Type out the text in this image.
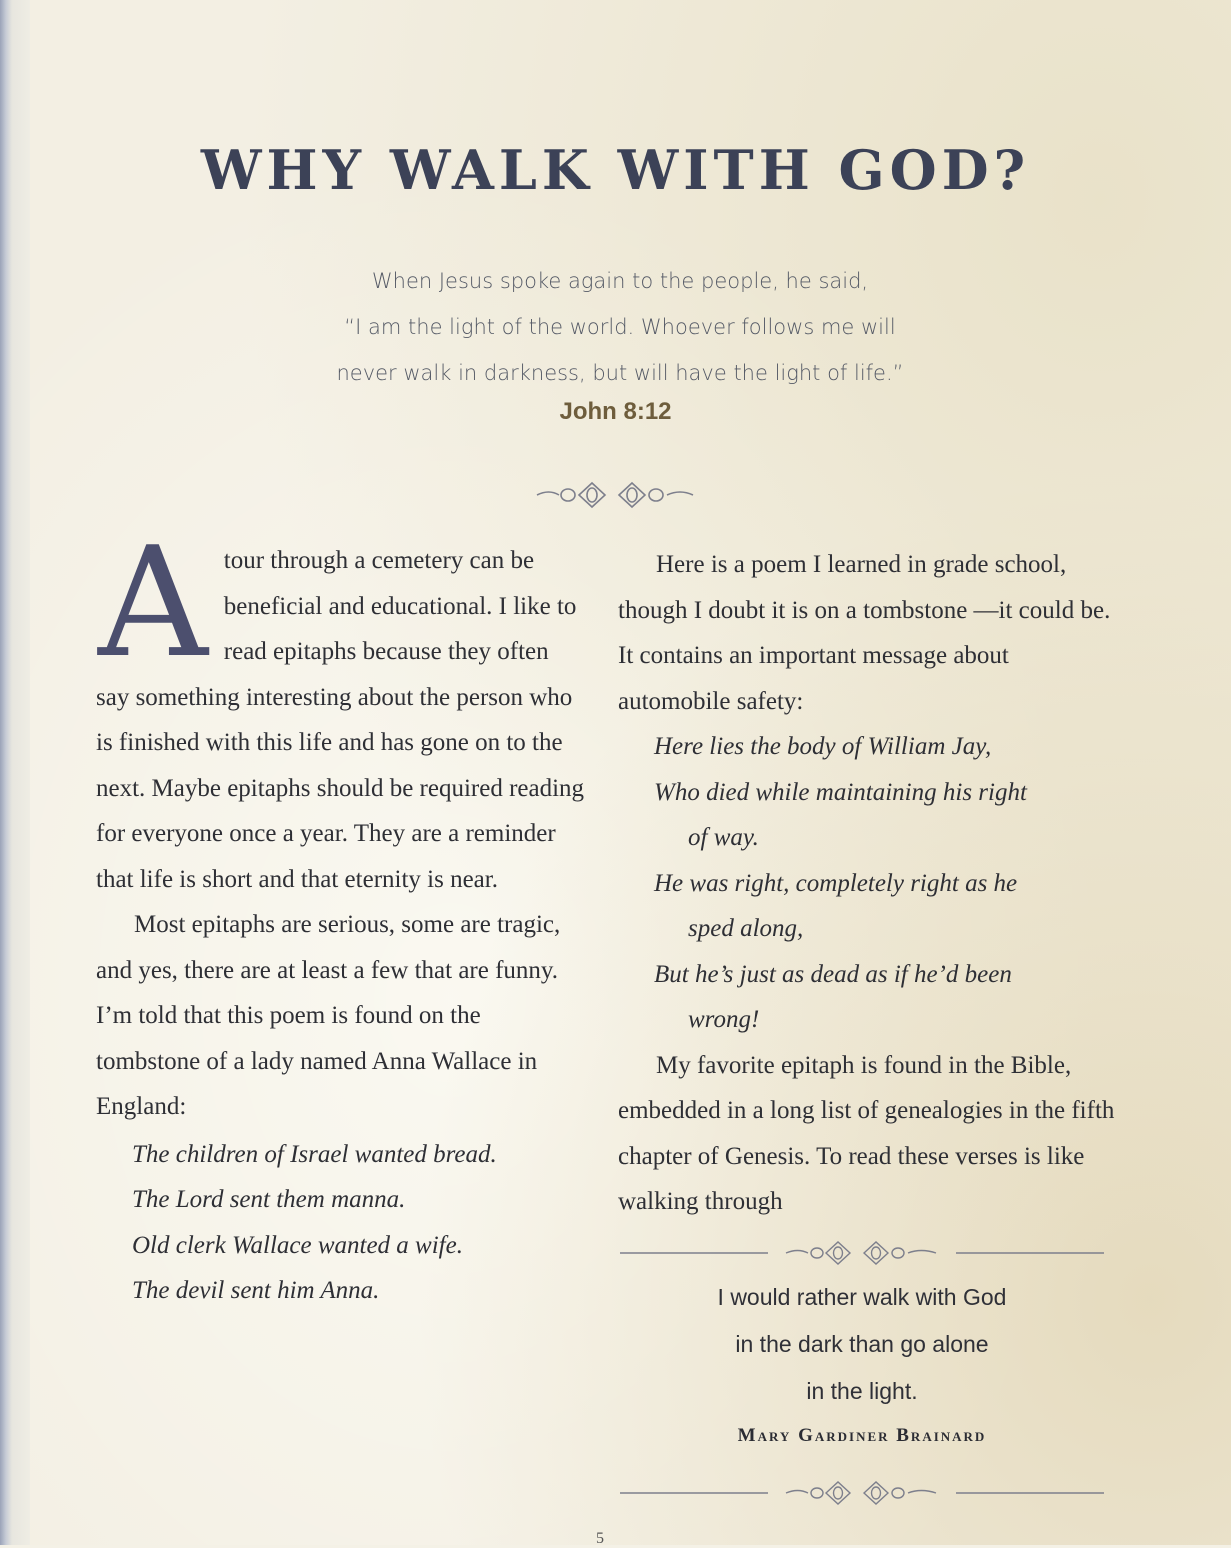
WHY WALK WITH GOD?
When Jesus spoke again to the people, he said,
“I am the light of the world. Whoever follows me will
never walk in darkness, but will have the light of life.”
John 8:12

A tour through a cemetery can be beneficial and educational. I like to read epitaphs because they often say something interesting about the person who is finished with this life and has gone on to the next. Maybe epitaphs should be required reading for everyone once a year. They are a reminder that life is short and that eternity is near.

Most epitaphs are serious, some are tragic, and yes, there are at least a few that are funny. I’m told that this poem is found on the tombstone of a lady named Anna Wallace in England:

The children of Israel wanted bread.
The Lord sent them manna.
Old clerk Wallace wanted a wife.
The devil sent him Anna.

Here is a poem I learned in grade school, though I doubt it is on a tombstone —it could be. It contains an important message about automobile safety:

Here lies the body of William Jay,
Who died while maintaining his right
of way.
He was right, completely right as he
sped along,
But he’s just as dead as if he’d been
wrong!

My favorite epitaph is found in the Bible, embedded in a long list of genealogies in the fifth chapter of Genesis. To read these verses is like walking through

I would rather walk with God
in the dark than go alone
in the light.
Mary Gardiner Brainard
5
